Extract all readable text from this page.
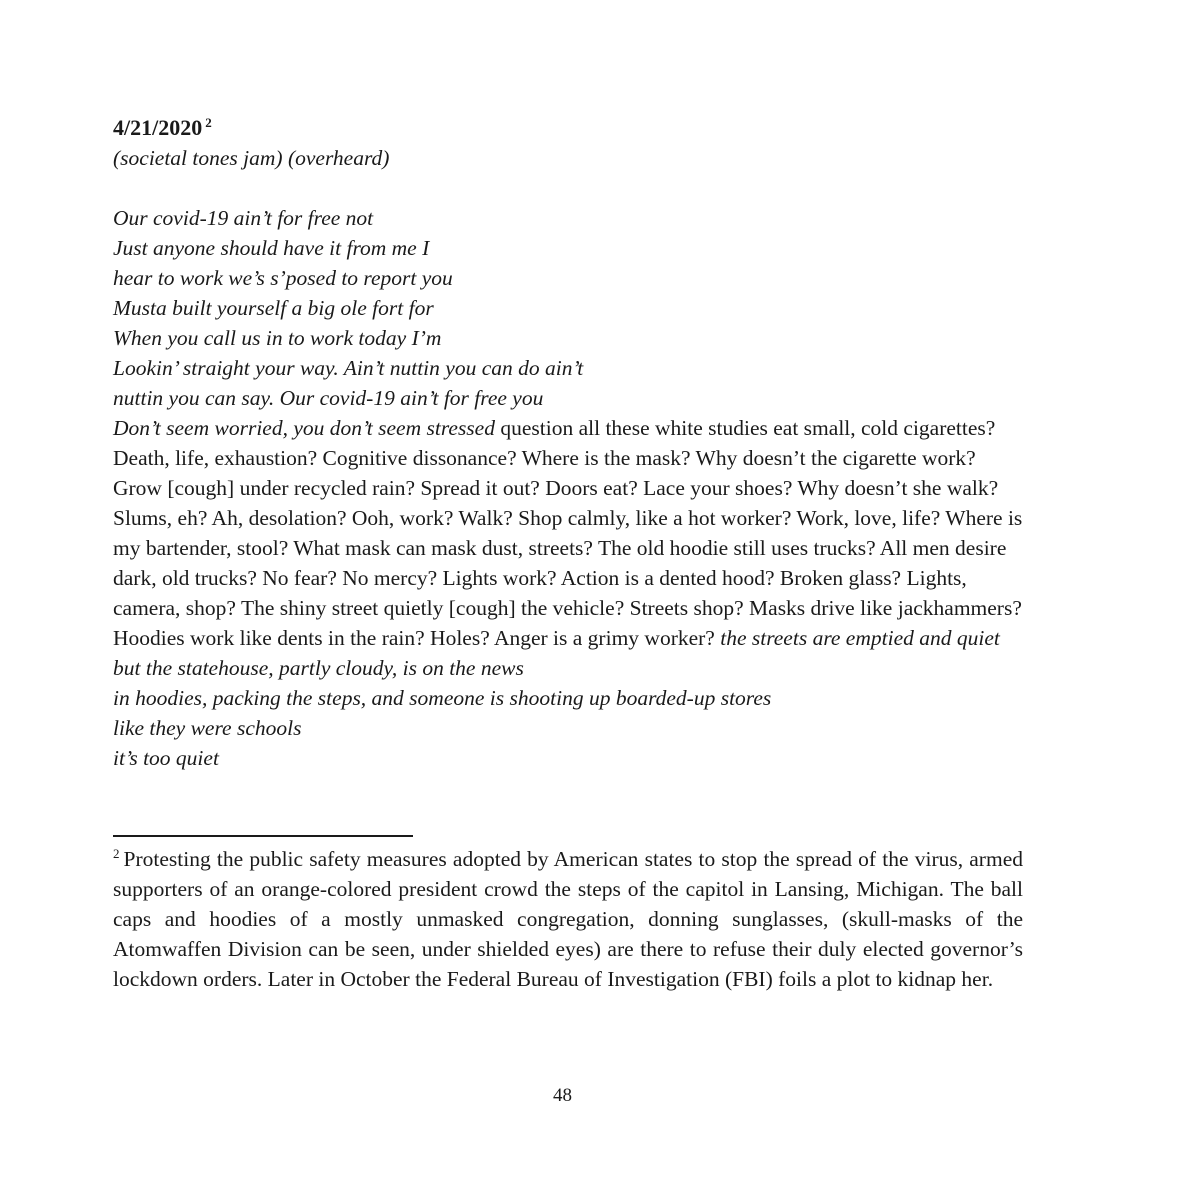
4/21/2020 $^2$

(societal tones jam) (overheard)

Our covid-19 ain’t for free not
Just anyone should have it from me I
hear to work we’s s’posed to report you
Musta built yourself a big ole fort for
When you call us in to work today I’m
Lookin’ straight your way. Ain’t nuttin you can do ain’t
nuttin you can say. Our covid-19 ain’t for free you
Don’t seem worried, you don’t seem stressed question all these white studies eat small, cold cigarettes? Death, life, exhaustion? Cognitive dissonance? Where is the mask? Why doesn’t the cigarette work? Grow [cough] under recycled rain? Spread it out? Doors eat? Lace your shoes? Why doesn’t she walk? Slums, eh? Ah, desolation? Ooh, work? Walk? Shop calmly, like a hot worker? Work, love, life? Where is my bartender, stool? What mask can mask dust, streets? The old hoodie still uses trucks? All men desire dark, old trucks? No fear? No mercy? Lights work? Action is a dented hood? Broken glass? Lights, camera, shop? The shiny street quietly [cough] the vehicle? Streets shop? Masks drive like jackhammers? Hoodies work like dents in the rain? Holes? Anger is a grimy worker? the streets are emptied and quiet
but the statehouse, partly cloudy, is on the news
in hoodies, packing the steps, and someone is shooting up boarded-up stores
like they were schools
it’s too quiet

$^2$ Protesting the public safety measures adopted by American states to stop the spread of the virus, armed supporters of an orange-colored president crowd the steps of the capitol in Lansing, Michigan. The ball caps and hoodies of a mostly unmasked congregation, donning sunglasses, (skull-masks of the Atomwaffen Division can be seen, under shielded eyes) are there to refuse their duly elected governor’s lockdown orders. Later in October the Federal Bureau of Investigation (FBI) foils a plot to kidnap her.

48
